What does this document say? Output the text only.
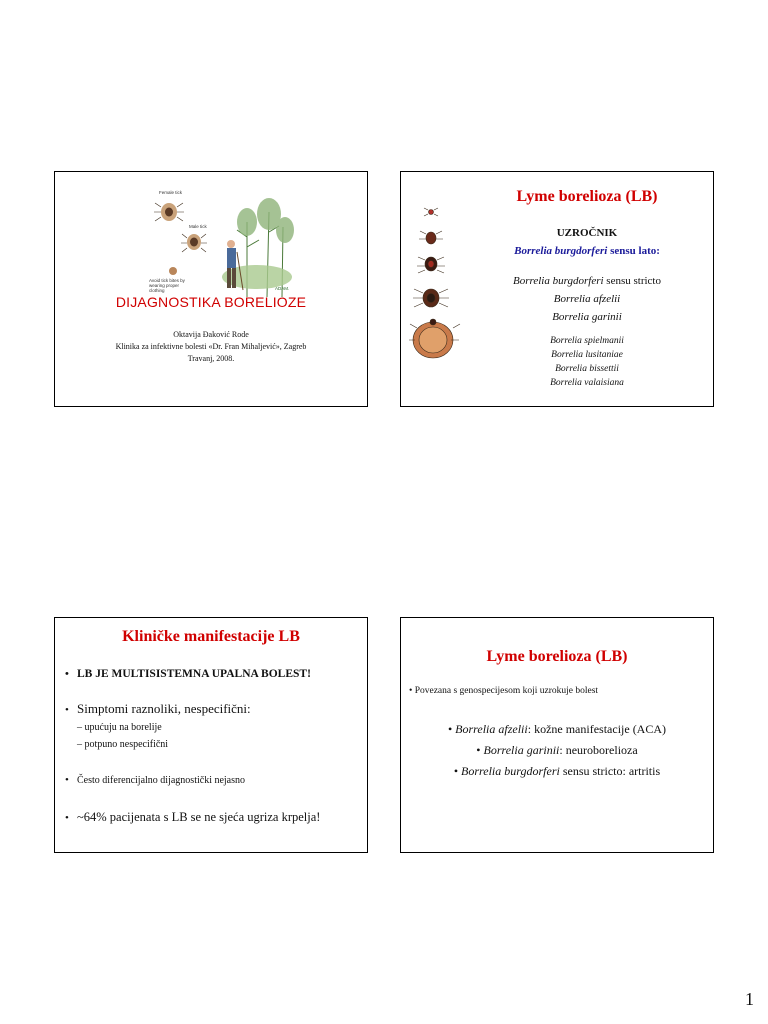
Female tick
Male tick
Avoid tick bites by wearing proper clothing	ADAM.
DIJAGNOSTIKA BORELIOZE
Oktavija Đaković Rode
Klinika za infektivne bolesti «Dr. Fran Mihaljević», Zagreb
Travanj, 2008.
Lyme borelioza (LB)
UZROČNIK
Borrelia burgdorferi sensu lato:
Borrelia burgdorferi sensu stricto
Borrelia afzelii
Borrelia garinii
Borrelia spielmanii
Borrelia lusitaniae
Borrelia bissettii
Borrelia valaisiana
Kliničke manifestacije LB
• LB JE MULTISISTEMNA UPALNA BOLEST!
• Simptomi raznoliki, nespecifični:
– upućuju na borelije
– potpuno nespecifični
• Često diferencijalno dijagnostički nejasno
• ~64% pacijenata s LB se ne sjeća ugriza krpelja!
Lyme borelioza (LB)
• Povezana s genospecijesom koji uzrokuje bolest
• Borrelia afzelii: kožne manifestacije (ACA)
• Borrelia garinii: neuroborelioza
• Borrelia burgdorferi sensu stricto: artritis
1
